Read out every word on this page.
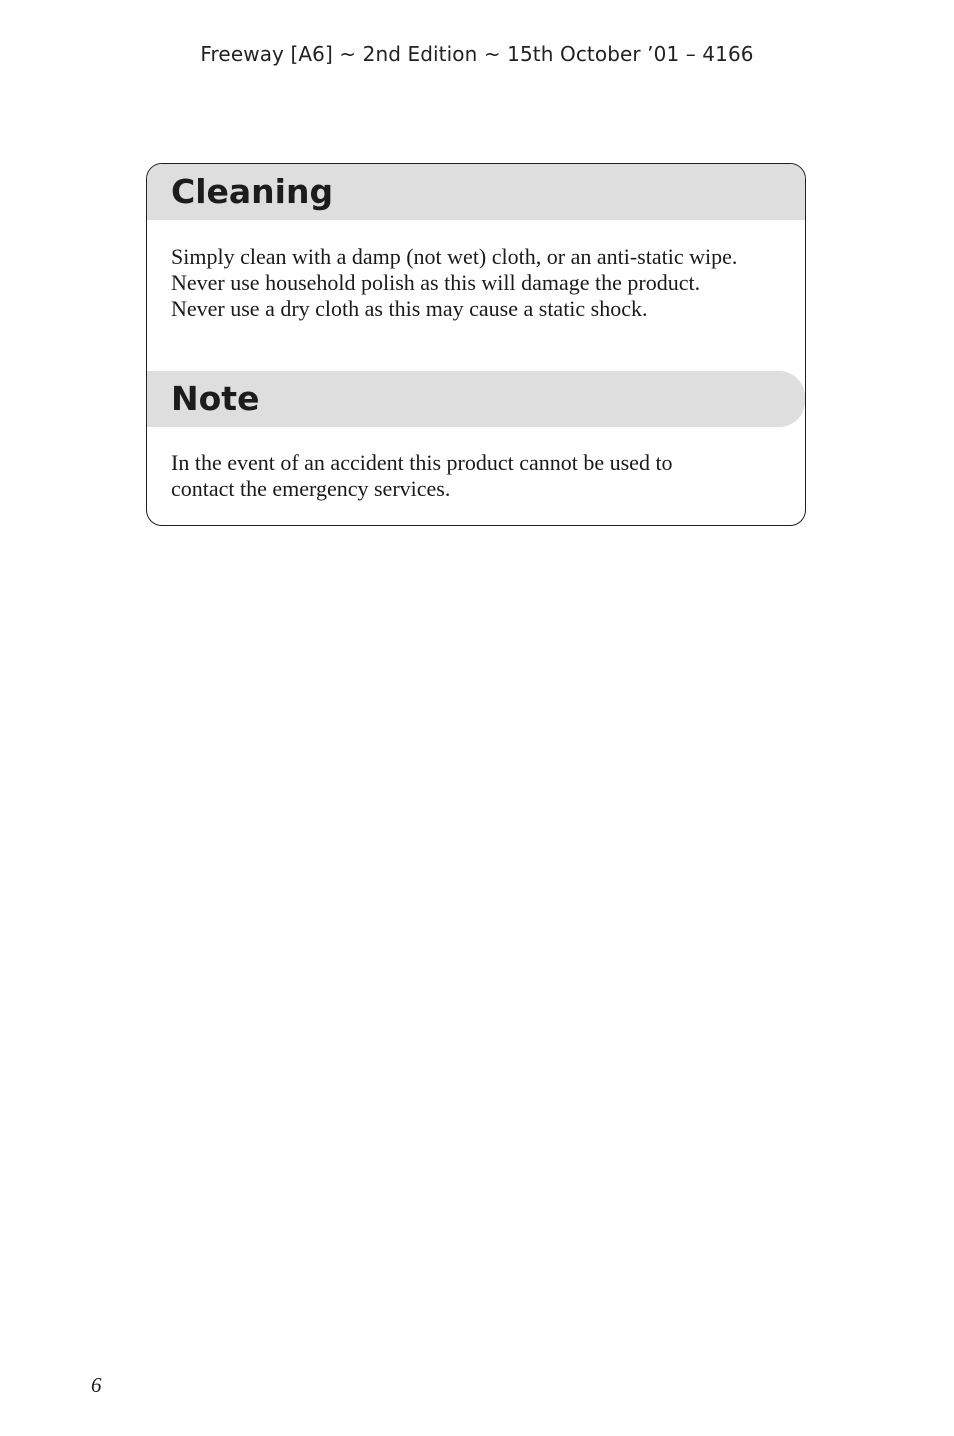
Freeway [A6] ~ 2nd Edition ~ 15th October ’01 – 4166
Cleaning
Simply clean with a damp (not wet) cloth, or an anti-static wipe.
Never use household polish as this will damage the product.
Never use a dry cloth as this may cause a static shock.
Note
In the event of an accident this product cannot be used to
contact the emergency services.
6
